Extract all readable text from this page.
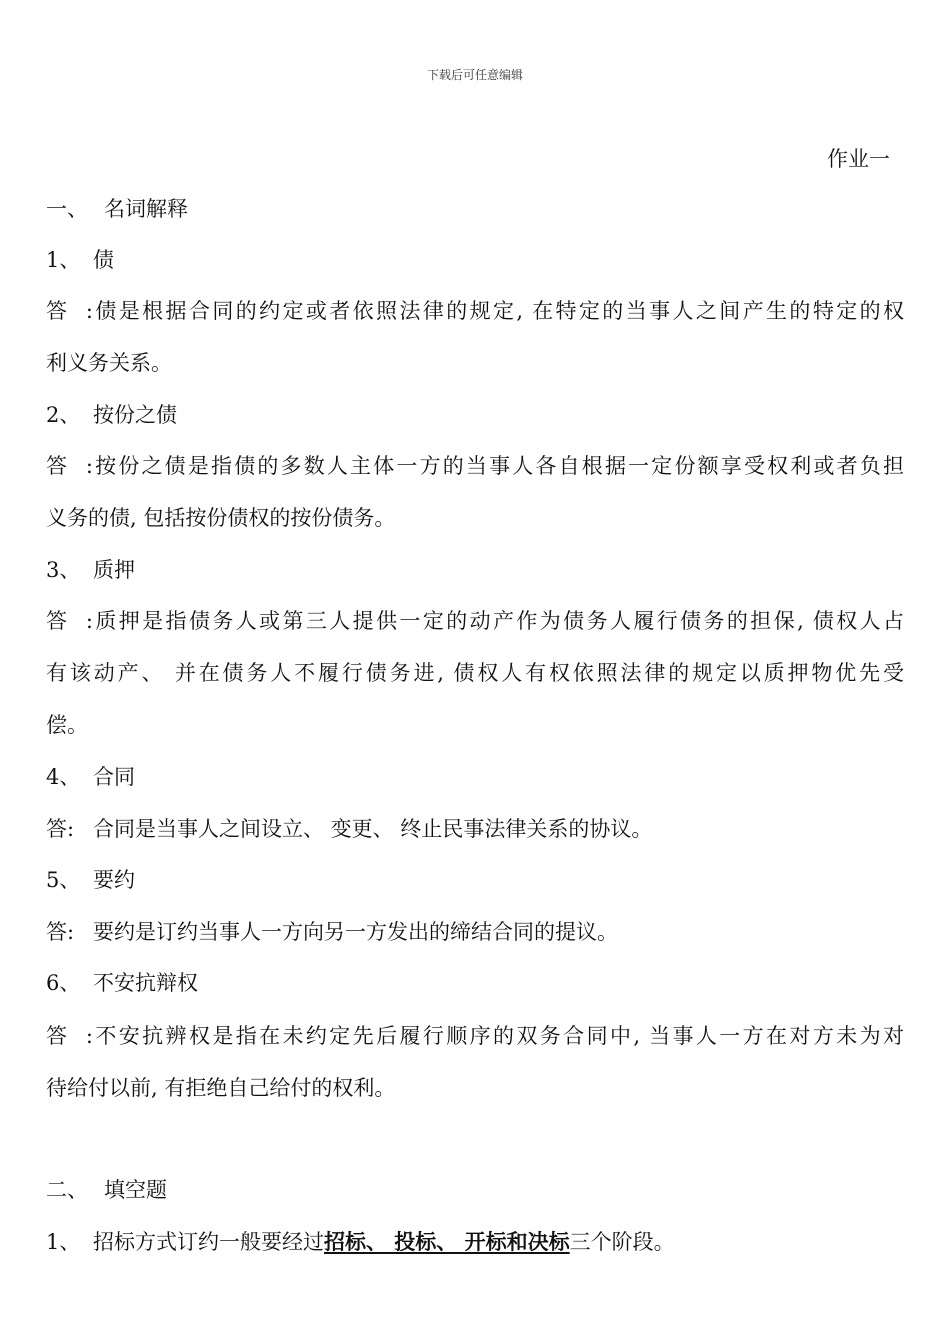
下载后可任意编辑
作业一
一、 名词解释
1、 债
答:债是根据合同的约定或者依照法律的规定, 在特定的当事人之间产生的特定的权
利义务关系。
2、 按份之债
答:按份之债是指债的多数人主体一方的当事人各自根据一定份额享受权利或者负担
义务的债, 包括按份债权的按份债务。
3、 质押
答:质押是指债务人或第三人提供一定的动产作为债务人履行债务的担保, 债权人占
有该动产、 并在债务人不履行债务进, 债权人有权依照法律的规定以质押物优先受
偿。
4、 合同
答: 合同是当事人之间设立、 变更、 终止民事法律关系的协议。
5、 要约
答: 要约是订约当事人一方向另一方发出的缔结合同的提议。
6、 不安抗辩权
答:不安抗辨权是指在未约定先后履行顺序的双务合同中, 当事人一方在对方未为对
待给付以前, 有拒绝自己给付的权利。
二、 填空题
1、 招标方式订约一般要经过招标、 投标、 开标和决标三个阶段。
